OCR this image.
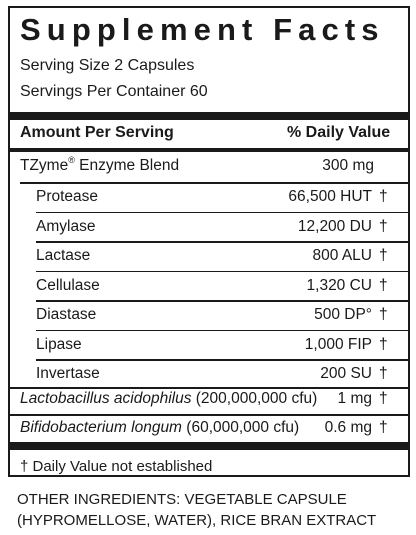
Supplement Facts
Serving Size 2 Capsules
Servings Per Container 60
Amount Per Serving	% Daily Value
TZyme® Enzyme Blend	300 mg
Protease	66,500 HUT †
Amylase	12,200 DU †
Lactase	800 ALU †
Cellulase	1,320 CU †
Diastase	500 DP° †
Lipase	1,000 FIP †
Invertase	200 SU †
Lactobacillus acidophilus (200,000,000 cfu) 1 mg †
Bifidobacterium longum (60,000,000 cfu) 0.6 mg †
† Daily Value not established
OTHER INGREDIENTS: VEGETABLE CAPSULE
(HYPROMELLOSE, WATER), RICE BRAN EXTRACT
